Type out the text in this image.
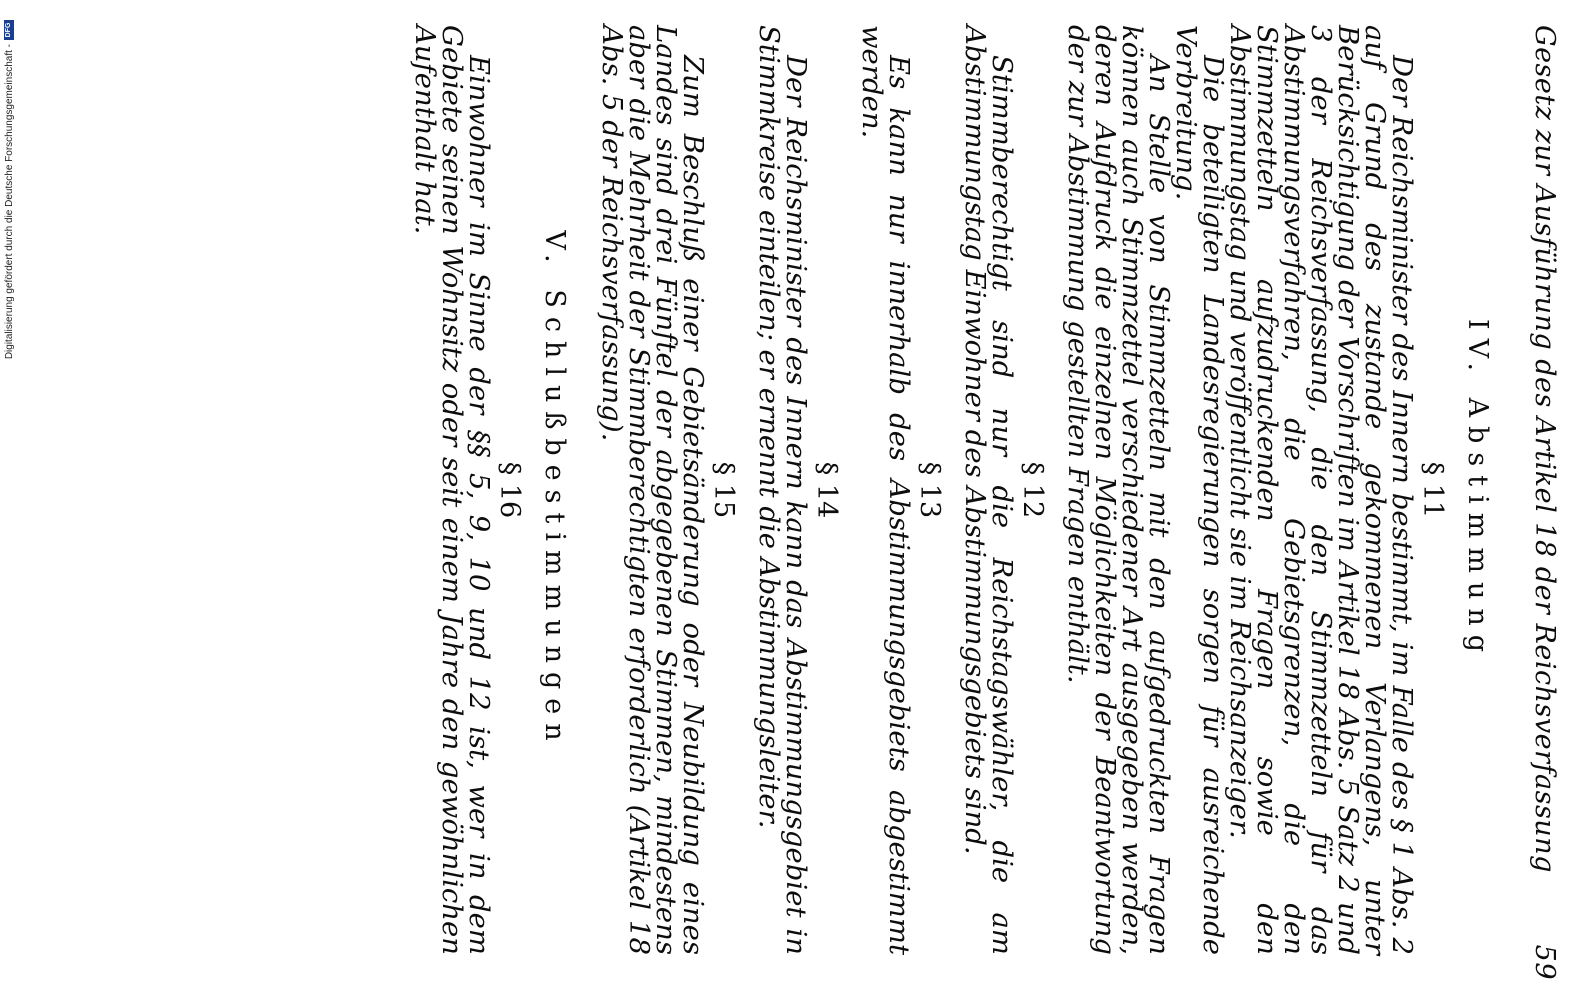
Digitalisierung gefördert durch die Deutsche Forschungsgemeinschaft -DFG	Gesetz zur Ausführung des Artikel 18 der Reichsverfassung
59
IV. Abstimmung
§ 11

Der Reichsminister des Innern bestimmt, im Falle des § 1 Abs. 2 auf Grund des zustande gekommenen Verlangens, unter Berücksichtigung der Vorschriften im Artikel 18 Abs. 5 Satz 2 und 3 der Reichsverfassung, die den Stimmzetteln für das Abstimmungsverfahren, die Gebietsgrenzen, die den Stimmzetteln aufzudruckenden Fragen sowie den Abstimmungstag und veröffentlicht sie im Reichsanzeiger.

Die beteiligten Landesregierungen sorgen für ausreichende Verbreitung.

An Stelle von Stimmzetteln mit den aufgedruckten Fragen können auch Stimmzettel verschiedener Art ausgegeben werden, deren Aufdruck die einzelnen Möglichkeiten der Beantwortung der zur Abstimmung gestellten Fragen enthält.

§ 12

Stimmberechtigt sind nur die Reichstagswähler, die am Abstimmungstag Einwohner des Abstimmungsgebiets sind.

§ 13

Es kann nur innerhalb des Abstimmungsgebiets abgestimmt werden.

§ 14

Der Reichsminister des Innern kann das Abstimmungsgebiet in Stimmkreise einteilen; er ernennt die Abstimmungsleiter.

§ 15

Zum Beschluß einer Gebietsänderung oder Neubildung eines Landes sind drei Fünftel der abgegebenen Stimmen, mindestens aber die Mehrheit der Stimmberechtigten erforderlich (Artikel 18 Abs. 5 der Reichsverfassung).

V. Schlußbestimmungen
§ 16

Einwohner im Sinne der §§ 5, 9, 10 und 12 ist, wer in dem Gebiete seinen Wohnsitz oder seit einem Jahre den gewöhnlichen Aufenthalt hat.
